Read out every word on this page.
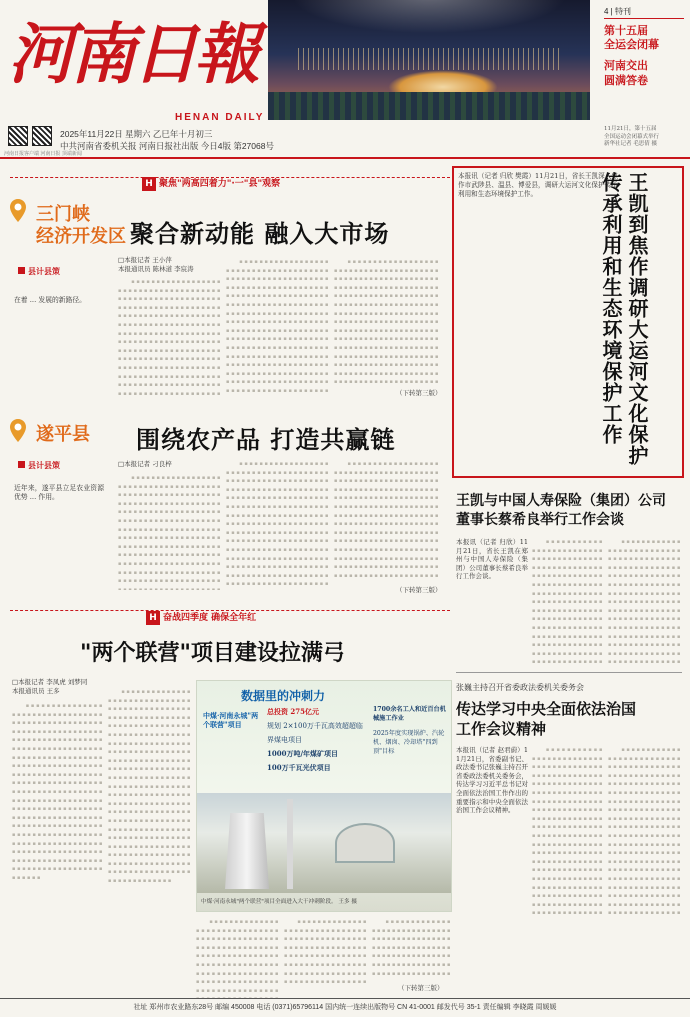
河南日報
HENAN DAILY
2025年11月22日 星期六 乙巳年十月初三
中共河南省委机关报 河南日报社出版 今日4版 第27068号
河南日报客户端 河南日报 顶端新闻
4 | 特刊
第十五届
全运会闭幕
河南交出
圆满答卷
11月21日，第十五届
全国运动会闭幕式举行
新华社记者 毛思倩 摄
H 聚焦"两高四着力"·一"县"观察
三门峡
经济开发区
县计县策
在着 ... 发展的新路径。
聚合新动能 融入大市场
□本报记者 王小萍
本报通讯员 陈林道 李宸涛
　　▪▪▪▪▪▪▪▪▪▪▪▪▪▪▪▪▪▪▪▪▪▪▪▪▪▪▪▪▪▪▪▪▪▪▪▪▪▪▪▪▪▪▪▪▪▪▪▪▪▪▪▪▪▪▪▪▪▪▪▪▪▪▪▪▪▪▪▪▪▪▪▪▪▪▪▪▪▪▪▪▪▪▪▪▪▪▪▪▪▪▪▪▪▪▪▪▪▪▪▪▪▪▪▪▪▪▪▪▪▪▪▪▪▪▪▪▪▪▪▪▪▪▪▪▪▪▪▪▪▪▪▪▪▪▪▪▪▪▪▪▪▪▪▪▪▪▪▪▪▪▪▪▪▪▪▪▪▪▪▪▪▪▪▪▪▪▪▪▪▪▪▪▪▪▪▪▪▪▪▪▪▪▪▪▪▪▪▪▪▪▪▪▪▪▪▪▪▪▪▪▪▪▪▪▪▪▪▪▪▪▪▪▪▪▪▪▪▪▪▪▪▪▪▪▪▪▪▪▪▪▪▪▪▪▪▪▪▪▪▪▪▪▪▪▪▪▪▪▪▪▪▪▪▪▪▪▪▪▪▪▪▪▪▪▪▪▪▪▪▪▪▪▪▪▪▪▪▪
　　▪▪▪▪▪▪▪▪▪▪▪▪▪▪▪▪▪▪▪▪▪▪▪▪▪▪▪▪▪▪▪▪▪▪▪▪▪▪▪▪▪▪▪▪▪▪▪▪▪▪▪▪▪▪▪▪▪▪▪▪▪▪▪▪▪▪▪▪▪▪▪▪▪▪▪▪▪▪▪▪▪▪▪▪▪▪▪▪▪▪▪▪▪▪▪▪▪▪▪▪▪▪▪▪▪▪▪▪▪▪▪▪▪▪▪▪▪▪▪▪▪▪▪▪▪▪▪▪▪▪▪▪▪▪▪▪▪▪▪▪▪▪▪▪▪▪▪▪▪▪▪▪▪▪▪▪▪▪▪▪▪▪▪▪▪▪▪▪▪▪▪▪▪▪▪▪▪▪▪▪▪▪▪▪▪▪▪▪▪▪▪▪▪▪▪▪▪▪▪▪▪▪▪▪▪▪▪▪▪▪▪▪▪▪▪▪▪▪▪▪▪▪▪▪▪▪▪▪▪▪▪▪▪▪▪▪▪▪▪▪▪▪▪▪▪▪▪▪▪▪▪▪▪▪▪▪▪▪▪▪▪▪▪▪▪▪▪▪▪▪▪▪▪▪▪▪▪▪▪▪▪▪▪▪▪▪▪▪▪▪▪▪▪▪▪▪▪▪▪▪▪▪▪▪▪▪▪▪▪▪▪▪▪▪▪▪▪▪
　　▪▪▪▪▪▪▪▪▪▪▪▪▪▪▪▪▪▪▪▪▪▪▪▪▪▪▪▪▪▪▪▪▪▪▪▪▪▪▪▪▪▪▪▪▪▪▪▪▪▪▪▪▪▪▪▪▪▪▪▪▪▪▪▪▪▪▪▪▪▪▪▪▪▪▪▪▪▪▪▪▪▪▪▪▪▪▪▪▪▪▪▪▪▪▪▪▪▪▪▪▪▪▪▪▪▪▪▪▪▪▪▪▪▪▪▪▪▪▪▪▪▪▪▪▪▪▪▪▪▪▪▪▪▪▪▪▪▪▪▪▪▪▪▪▪▪▪▪▪▪▪▪▪▪▪▪▪▪▪▪▪▪▪▪▪▪▪▪▪▪▪▪▪▪▪▪▪▪▪▪▪▪▪▪▪▪▪▪▪▪▪▪▪▪▪▪▪▪▪▪▪▪▪▪▪▪▪▪▪▪▪▪▪▪▪▪▪▪▪▪▪▪▪▪▪▪▪▪▪▪▪▪▪▪▪▪▪▪▪▪▪▪▪▪▪▪▪▪▪▪▪▪▪▪▪▪▪▪▪▪▪▪▪▪▪▪▪▪▪▪▪▪▪▪▪▪▪▪▪▪▪▪▪▪▪▪▪▪▪▪▪▪▪▪▪▪▪▪▪▪▪▪▪▪▪▪▪▪▪▪▪▪
（下转第三版）
遂平县
县计县策
近年来，遂平县立足农业资源优势 ... 作用。
围绕农产品 打造共赢链
□本报记者 刁良梓
　　▪▪▪▪▪▪▪▪▪▪▪▪▪▪▪▪▪▪▪▪▪▪▪▪▪▪▪▪▪▪▪▪▪▪▪▪▪▪▪▪▪▪▪▪▪▪▪▪▪▪▪▪▪▪▪▪▪▪▪▪▪▪▪▪▪▪▪▪▪▪▪▪▪▪▪▪▪▪▪▪▪▪▪▪▪▪▪▪▪▪▪▪▪▪▪▪▪▪▪▪▪▪▪▪▪▪▪▪▪▪▪▪▪▪▪▪▪▪▪▪▪▪▪▪▪▪▪▪▪▪▪▪▪▪▪▪▪▪▪▪▪▪▪▪▪▪▪▪▪▪▪▪▪▪▪▪▪▪▪▪▪▪▪▪▪▪▪▪▪▪▪▪▪▪▪▪▪▪▪▪▪▪▪▪▪▪▪▪▪▪▪▪▪▪▪▪▪▪▪▪▪▪▪▪▪▪▪▪▪▪▪▪▪▪▪▪▪▪▪▪▪▪▪▪▪▪▪▪▪▪▪▪▪▪▪▪▪▪▪▪▪▪▪▪▪▪▪▪▪▪▪▪▪▪▪▪▪▪▪▪▪▪▪▪▪▪▪▪▪▪▪▪▪▪▪▪▪▪
　　▪▪▪▪▪▪▪▪▪▪▪▪▪▪▪▪▪▪▪▪▪▪▪▪▪▪▪▪▪▪▪▪▪▪▪▪▪▪▪▪▪▪▪▪▪▪▪▪▪▪▪▪▪▪▪▪▪▪▪▪▪▪▪▪▪▪▪▪▪▪▪▪▪▪▪▪▪▪▪▪▪▪▪▪▪▪▪▪▪▪▪▪▪▪▪▪▪▪▪▪▪▪▪▪▪▪▪▪▪▪▪▪▪▪▪▪▪▪▪▪▪▪▪▪▪▪▪▪▪▪▪▪▪▪▪▪▪▪▪▪▪▪▪▪▪▪▪▪▪▪▪▪▪▪▪▪▪▪▪▪▪▪▪▪▪▪▪▪▪▪▪▪▪▪▪▪▪▪▪▪▪▪▪▪▪▪▪▪▪▪▪▪▪▪▪▪▪▪▪▪▪▪▪▪▪▪▪▪▪▪▪▪▪▪▪▪▪▪▪▪▪▪▪▪▪▪▪▪▪▪▪▪▪▪▪▪▪▪▪▪▪▪▪▪▪▪▪▪▪▪▪▪▪▪▪▪▪▪▪▪▪▪▪▪▪▪▪▪▪▪▪▪▪▪▪▪▪▪▪▪▪▪▪▪▪▪▪▪▪▪▪▪▪▪▪▪▪▪
　　▪▪▪▪▪▪▪▪▪▪▪▪▪▪▪▪▪▪▪▪▪▪▪▪▪▪▪▪▪▪▪▪▪▪▪▪▪▪▪▪▪▪▪▪▪▪▪▪▪▪▪▪▪▪▪▪▪▪▪▪▪▪▪▪▪▪▪▪▪▪▪▪▪▪▪▪▪▪▪▪▪▪▪▪▪▪▪▪▪▪▪▪▪▪▪▪▪▪▪▪▪▪▪▪▪▪▪▪▪▪▪▪▪▪▪▪▪▪▪▪▪▪▪▪▪▪▪▪▪▪▪▪▪▪▪▪▪▪▪▪▪▪▪▪▪▪▪▪▪▪▪▪▪▪▪▪▪▪▪▪▪▪▪▪▪▪▪▪▪▪▪▪▪▪▪▪▪▪▪▪▪▪▪▪▪▪▪▪▪▪▪▪▪▪▪▪▪▪▪▪▪▪▪▪▪▪▪▪▪▪▪▪▪▪▪▪▪▪▪▪▪▪▪▪▪▪▪▪▪▪▪▪▪▪▪▪▪▪▪▪▪▪▪▪▪▪▪▪▪▪▪▪▪▪▪▪▪▪▪▪▪▪▪▪▪▪▪▪▪▪▪▪▪▪▪▪▪▪▪▪▪▪▪▪▪▪▪▪▪▪▪
（下转第三版）
本报讯（记者 归欣 樊霞）11月21日，省长王凯深入焦作市武陟县、温县、博爱县，调研大运河文化保护传承利用和生态环境保护工作。	王凯到焦作调研大运河文化保护
传承利用和生态环境保护工作
王凯与中国人寿保险（集团）公司
董事长蔡希良举行工作会谈
本报讯（记者 归欣）11月21日，省长王凯在郑州与中国人寿保险（集团）公司董事长蔡希良举行工作会谈。
　　▪▪▪▪▪▪▪▪▪▪▪▪▪▪▪▪▪▪▪▪▪▪▪▪▪▪▪▪▪▪▪▪▪▪▪▪▪▪▪▪▪▪▪▪▪▪▪▪▪▪▪▪▪▪▪▪▪▪▪▪▪▪▪▪▪▪▪▪▪▪▪▪▪▪▪▪▪▪▪▪▪▪▪▪▪▪▪▪▪▪▪▪▪▪▪▪▪▪▪▪▪▪▪▪▪▪▪▪▪▪▪▪▪▪▪▪▪▪▪▪▪▪▪▪▪▪▪▪▪▪▪▪▪▪▪▪▪▪▪▪▪▪▪▪▪▪▪▪▪▪▪▪▪▪▪▪▪▪▪▪▪▪▪▪▪▪▪▪▪▪▪▪▪▪▪▪▪▪▪▪▪▪▪▪▪▪▪▪▪▪▪▪▪▪▪▪▪▪▪▪▪▪▪▪▪▪▪
　　▪▪▪▪▪▪▪▪▪▪▪▪▪▪▪▪▪▪▪▪▪▪▪▪▪▪▪▪▪▪▪▪▪▪▪▪▪▪▪▪▪▪▪▪▪▪▪▪▪▪▪▪▪▪▪▪▪▪▪▪▪▪▪▪▪▪▪▪▪▪▪▪▪▪▪▪▪▪▪▪▪▪▪▪▪▪▪▪▪▪▪▪▪▪▪▪▪▪▪▪▪▪▪▪▪▪▪▪▪▪▪▪▪▪▪▪▪▪▪▪▪▪▪▪▪▪▪▪▪▪▪▪▪▪▪▪▪▪▪▪▪▪▪▪▪▪▪▪▪▪▪▪▪▪▪▪▪▪▪▪▪▪▪▪▪▪▪▪▪▪▪▪▪▪▪▪▪▪▪▪▪▪▪▪▪▪▪▪▪▪▪▪▪▪▪▪▪▪▪▪▪▪▪▪▪▪▪▪
张巍主持召开省委政法委机关委务会
传达学习中央全面依法治国
工作会议精神
本报讯（记者 赵君蔚）11月21日，省委副书记、政法委书记张巍主持召开省委政法委机关委务会，传达学习习近平总书记对全面依法治国工作作出的重要指示和中央全面依法治国工作会议精神。
　　▪▪▪▪▪▪▪▪▪▪▪▪▪▪▪▪▪▪▪▪▪▪▪▪▪▪▪▪▪▪▪▪▪▪▪▪▪▪▪▪▪▪▪▪▪▪▪▪▪▪▪▪▪▪▪▪▪▪▪▪▪▪▪▪▪▪▪▪▪▪▪▪▪▪▪▪▪▪▪▪▪▪▪▪▪▪▪▪▪▪▪▪▪▪▪▪▪▪▪▪▪▪▪▪▪▪▪▪▪▪▪▪▪▪▪▪▪▪▪▪▪▪▪▪▪▪▪▪▪▪▪▪▪▪▪▪▪▪▪▪▪▪▪▪▪▪▪▪▪▪▪▪▪▪▪▪▪▪▪▪▪▪▪▪▪▪▪▪▪▪▪▪▪▪▪▪▪▪▪▪▪▪▪▪▪▪▪▪▪▪▪▪▪▪▪▪▪▪▪▪▪▪▪▪▪▪▪▪▪▪▪▪▪▪▪▪▪▪▪▪▪▪▪▪▪▪▪▪▪▪▪▪▪▪▪▪▪▪▪▪▪▪▪▪▪▪▪▪▪▪▪▪▪▪▪▪▪▪▪▪▪▪▪▪▪▪▪▪▪▪▪▪▪▪▪▪▪
　　▪▪▪▪▪▪▪▪▪▪▪▪▪▪▪▪▪▪▪▪▪▪▪▪▪▪▪▪▪▪▪▪▪▪▪▪▪▪▪▪▪▪▪▪▪▪▪▪▪▪▪▪▪▪▪▪▪▪▪▪▪▪▪▪▪▪▪▪▪▪▪▪▪▪▪▪▪▪▪▪▪▪▪▪▪▪▪▪▪▪▪▪▪▪▪▪▪▪▪▪▪▪▪▪▪▪▪▪▪▪▪▪▪▪▪▪▪▪▪▪▪▪▪▪▪▪▪▪▪▪▪▪▪▪▪▪▪▪▪▪▪▪▪▪▪▪▪▪▪▪▪▪▪▪▪▪▪▪▪▪▪▪▪▪▪▪▪▪▪▪▪▪▪▪▪▪▪▪▪▪▪▪▪▪▪▪▪▪▪▪▪▪▪▪▪▪▪▪▪▪▪▪▪▪▪▪▪▪▪▪▪▪▪▪▪▪▪▪▪▪▪▪▪▪▪▪▪▪▪▪▪▪▪▪▪▪▪▪▪▪▪▪▪▪▪▪▪▪▪▪▪▪▪▪▪▪▪▪▪▪▪▪▪▪▪▪▪▪▪▪▪▪▪▪▪▪▪▪
H 奋战四季度 确保全年红
"两个联营"项目建设拉满弓
□本报记者 李凤虎 刘梦同
本报通讯员 王多
　　▪▪▪▪▪▪▪▪▪▪▪▪▪▪▪▪▪▪▪▪▪▪▪▪▪▪▪▪▪▪▪▪▪▪▪▪▪▪▪▪▪▪▪▪▪▪▪▪▪▪▪▪▪▪▪▪▪▪▪▪▪▪▪▪▪▪▪▪▪▪▪▪▪▪▪▪▪▪▪▪▪▪▪▪▪▪▪▪▪▪▪▪▪▪▪▪▪▪▪▪▪▪▪▪▪▪▪▪▪▪▪▪▪▪▪▪▪▪▪▪▪▪▪▪▪▪▪▪▪▪▪▪▪▪▪▪▪▪▪▪▪▪▪▪▪▪▪▪▪▪▪▪▪▪▪▪▪▪▪▪▪▪▪▪▪▪▪▪▪▪▪▪▪▪▪▪▪▪▪▪▪▪▪▪▪▪▪▪▪▪▪▪▪▪▪▪▪▪▪▪▪▪▪▪▪▪▪▪▪▪▪▪▪▪▪▪▪▪▪▪▪▪▪▪▪▪▪▪▪▪▪▪▪▪▪▪▪▪▪▪▪▪▪▪▪▪▪▪▪▪▪▪▪▪▪▪▪▪▪▪▪▪▪▪▪▪▪▪▪▪▪▪▪▪▪▪▪▪▪▪▪▪▪▪▪▪▪▪▪▪▪▪▪▪▪▪▪▪▪▪▪▪▪▪▪▪▪▪▪▪▪▪▪▪▪▪▪▪▪▪▪▪▪▪▪▪▪▪▪▪▪▪▪▪▪▪▪▪▪▪▪▪▪▪▪▪▪▪▪▪▪▪▪▪▪▪▪▪▪▪▪▪▪
　　▪▪▪▪▪▪▪▪▪▪▪▪▪▪▪▪▪▪▪▪▪▪▪▪▪▪▪▪▪▪▪▪▪▪▪▪▪▪▪▪▪▪▪▪▪▪▪▪▪▪▪▪▪▪▪▪▪▪▪▪▪▪▪▪▪▪▪▪▪▪▪▪▪▪▪▪▪▪▪▪▪▪▪▪▪▪▪▪▪▪▪▪▪▪▪▪▪▪▪▪▪▪▪▪▪▪▪▪▪▪▪▪▪▪▪▪▪▪▪▪▪▪▪▪▪▪▪▪▪▪▪▪▪▪▪▪▪▪▪▪▪▪▪▪▪▪▪▪▪▪▪▪▪▪▪▪▪▪▪▪▪▪▪▪▪▪▪▪▪▪▪▪▪▪▪▪▪▪▪▪▪▪▪▪▪▪▪▪▪▪▪▪▪▪▪▪▪▪▪▪▪▪▪▪▪▪▪▪▪▪▪▪▪▪▪▪▪▪▪▪▪▪▪▪▪▪▪▪▪▪▪▪▪▪▪▪▪▪▪▪▪▪▪▪▪▪▪▪▪▪▪▪▪▪▪▪▪▪▪▪▪▪▪▪▪▪▪▪▪▪▪▪▪▪▪▪▪▪▪▪▪▪▪▪▪▪▪▪▪▪▪▪▪▪▪▪▪▪▪▪▪▪▪▪▪▪▪▪▪▪▪▪▪▪▪▪▪▪▪▪▪▪▪▪▪▪▪▪▪▪▪▪▪▪▪▪▪▪▪▪▪▪▪▪▪▪▪▪▪▪▪▪▪▪▪▪▪▪▪▪▪▪▪
数据里的冲刺力
中煤·河南永城"两个联营"项目
总投资 275亿元
规划 2×100万千瓦高效超超临界煤电项目
1000万吨/年煤矿项目
100万千瓦光伏项目
1700余名工人和近百台机械施工作业
2025年度实现锅炉、汽轮机、烟囱、冷却塔"四到顶"目标
中煤·河南永城"两个联营"项目全面进入大干冲刺阶段。 王多 摄
　　▪▪▪▪▪▪▪▪▪▪▪▪▪▪▪▪▪▪▪▪▪▪▪▪▪▪▪▪▪▪▪▪▪▪▪▪▪▪▪▪▪▪▪▪▪▪▪▪▪▪▪▪▪▪▪▪▪▪▪▪▪▪▪▪▪▪▪▪▪▪▪▪▪▪▪▪▪▪▪▪▪▪▪▪▪▪▪▪▪▪▪▪▪▪▪▪▪▪▪▪▪▪▪▪▪▪▪▪▪▪▪▪▪▪▪▪▪▪▪▪▪▪▪▪▪▪▪▪▪▪▪▪▪▪▪▪▪▪▪▪▪▪
　　▪▪▪▪▪▪▪▪▪▪▪▪▪▪▪▪▪▪▪▪▪▪▪▪▪▪▪▪▪▪▪▪▪▪▪▪▪▪▪▪▪▪▪▪▪▪▪▪▪▪▪▪▪▪▪▪▪▪▪▪▪▪▪▪▪▪▪▪▪▪▪▪▪▪▪▪▪▪▪▪▪▪▪▪▪▪▪▪▪▪▪▪▪▪▪▪▪▪▪▪▪▪▪▪▪▪▪▪▪▪▪▪▪▪▪▪▪▪▪▪▪▪▪▪▪▪
　　▪▪▪▪▪▪▪▪▪▪▪▪▪▪▪▪▪▪▪▪▪▪▪▪▪▪▪▪▪▪▪▪▪▪▪▪▪▪▪▪▪▪▪▪▪▪▪▪▪▪▪▪▪▪▪▪▪▪▪▪▪▪▪▪▪▪▪▪▪▪▪▪▪▪▪▪▪▪▪▪▪▪▪▪▪▪▪▪▪▪▪▪▪▪▪▪▪▪▪▪▪▪▪▪▪▪▪▪▪
（下转第三版）
社址 郑州市农业路东28号 邮编 450008 电话 (0371)65796114 国内统一连续出版物号 CN 41-0001 邮发代号 35-1 责任编辑 李晓霞 周媛媛
